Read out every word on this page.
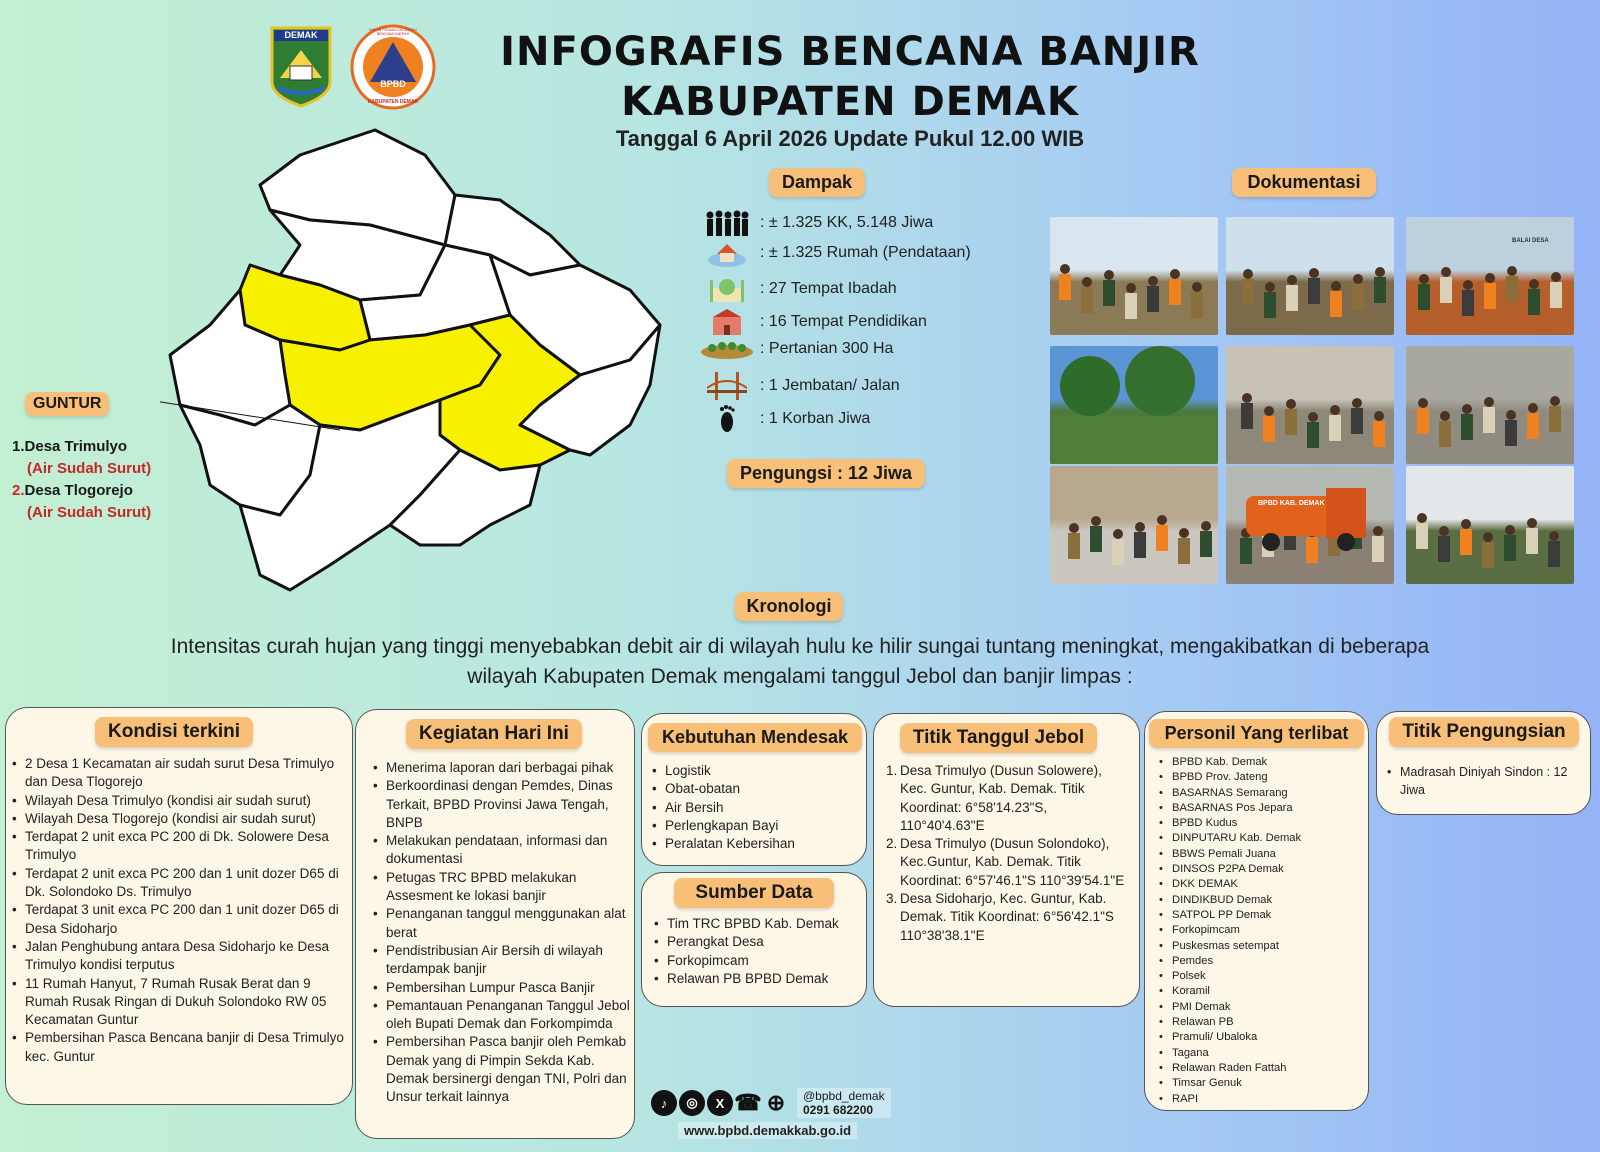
DEMAK
BPBD
BADAN PENANGGULANGAN BENCANA DAERAH
KABUPATEN DEMAK
INFOGRAFIS BENCANA BANJIR
KABUPATEN DEMAK
Tanggal 6 April 2026 Update Pukul 12.00 WIB
GUNTUR
1.Desa Trimulyo
(Air Sudah Surut)
2.Desa Tlogorejo
(Air Sudah Surut)
Dampak
: ± 1.325 KK, 5.148 Jiwa
: ± 1.325 Rumah (Pendataan)
: 27 Tempat Ibadah
: 16 Tempat Pendidikan
: Pertanian 300 Ha
: 1 Jembatan/ Jalan
: 1 Korban Jiwa
Pengungsi : 12 Jiwa
Dokumentasi
BPBD KAB. DEMAK
BALAI DESA
Kronologi
Intensitas curah hujan yang tinggi menyebabkan debit air di wilayah hulu ke hilir sungai tuntang meningkat, mengakibatkan di beberapa
wilayah Kabupaten Demak mengalami tanggul Jebol dan banjir limpas :
Kondisi terkini
• 2 Desa 1 Kecamatan air sudah surut Desa Trimulyo dan Desa Tlogorejo
• Wilayah Desa Trimulyo (kondisi air sudah surut)
• Wilayah Desa Tlogorejo (kondisi air sudah surut)
• Terdapat 2 unit exca PC 200 di Dk. Solowere Desa Trimulyo
• Terdapat 2 unit exca PC 200 dan 1 unit dozer D65 di Dk. Solondoko Ds. Trimulyo
• Terdapat 3 unit exca PC 200 dan 1 unit dozer D65 di Desa Sidoharjo
• Jalan Penghubung antara Desa Sidoharjo ke Desa Trimulyo kondisi terputus
• 11 Rumah Hanyut, 7 Rumah Rusak Berat dan 9 Rumah Rusak Ringan di Dukuh Solondoko RW 05 Kecamatan Guntur
• Pembersihan Pasca Bencana banjir di Desa Trimulyo kec. Guntur
Kegiatan Hari Ini
• Menerima laporan dari berbagai pihak
• Berkoordinasi dengan Pemdes, Dinas Terkait, BPBD Provinsi Jawa Tengah, BNPB
• Melakukan pendataan, informasi dan dokumentasi
• Petugas TRC BPBD melakukan Assesment ke lokasi banjir
• Penanganan tanggul menggunakan alat berat
• Pendistribusian Air Bersih di wilayah terdampak banjir
• Pembersihan Lumpur Pasca Banjir
• Pemantauan Penanganan Tanggul Jebol oleh Bupati Demak dan Forkompimda
• Pembersihan Pasca banjir oleh Pemkab Demak yang di Pimpin Sekda Kab. Demak bersinergi dengan TNI, Polri dan Unsur terkait lainnya
Kebutuhan Mendesak
• Logistik
• Obat-obatan
• Air Bersih
• Perlengkapan Bayi
• Peralatan Kebersihan
Sumber Data
• Tim TRC BPBD Kab. Demak
• Perangkat Desa
• Forkopimcam
• Relawan PB BPBD Demak
Titik Tanggul Jebol
1. Desa Trimulyo (Dusun Solowere), Kec. Guntur, Kab. Demak. Titik Koordinat: 6°58'14.23"S, 110°40'4.63"E
2. Desa Trimulyo (Dusun Solondoko), Kec.Guntur, Kab. Demak. Titik Koordinat: 6°57'46.1"S 110°39'54.1"E
3. Desa Sidoharjo, Kec. Guntur, Kab. Demak. Titik Koordinat: 6°56'42.1"S 110°38'38.1"E
Personil Yang terlibat
• BPBD Kab. Demak
• BPBD Prov. Jateng
• BASARNAS Semarang
• BASARNAS Pos Jepara
• BPBD Kudus
• DINPUTARU Kab. Demak
• BBWS Pemali Juana
• DINSOS P2PA Demak
• DKK DEMAK
• DINDIKBUD Demak
• SATPOL PP Demak
• Forkopimcam
• Puskesmas setempat
• Pemdes
• Polsek
• Koramil
• PMI Demak
• Relawan PB
• Pramuli/ Ubaloka
• Tagana
• Relawan Raden Fattah
• Timsar Genuk
• RAPI
Titik Pengungsian
• Madrasah Diniyah Sindon : 12 Jiwa
♪	◎	X ☎ ⊕	@bpbd_demak
0291 682200
www.bpbd.demakkab.go.id
